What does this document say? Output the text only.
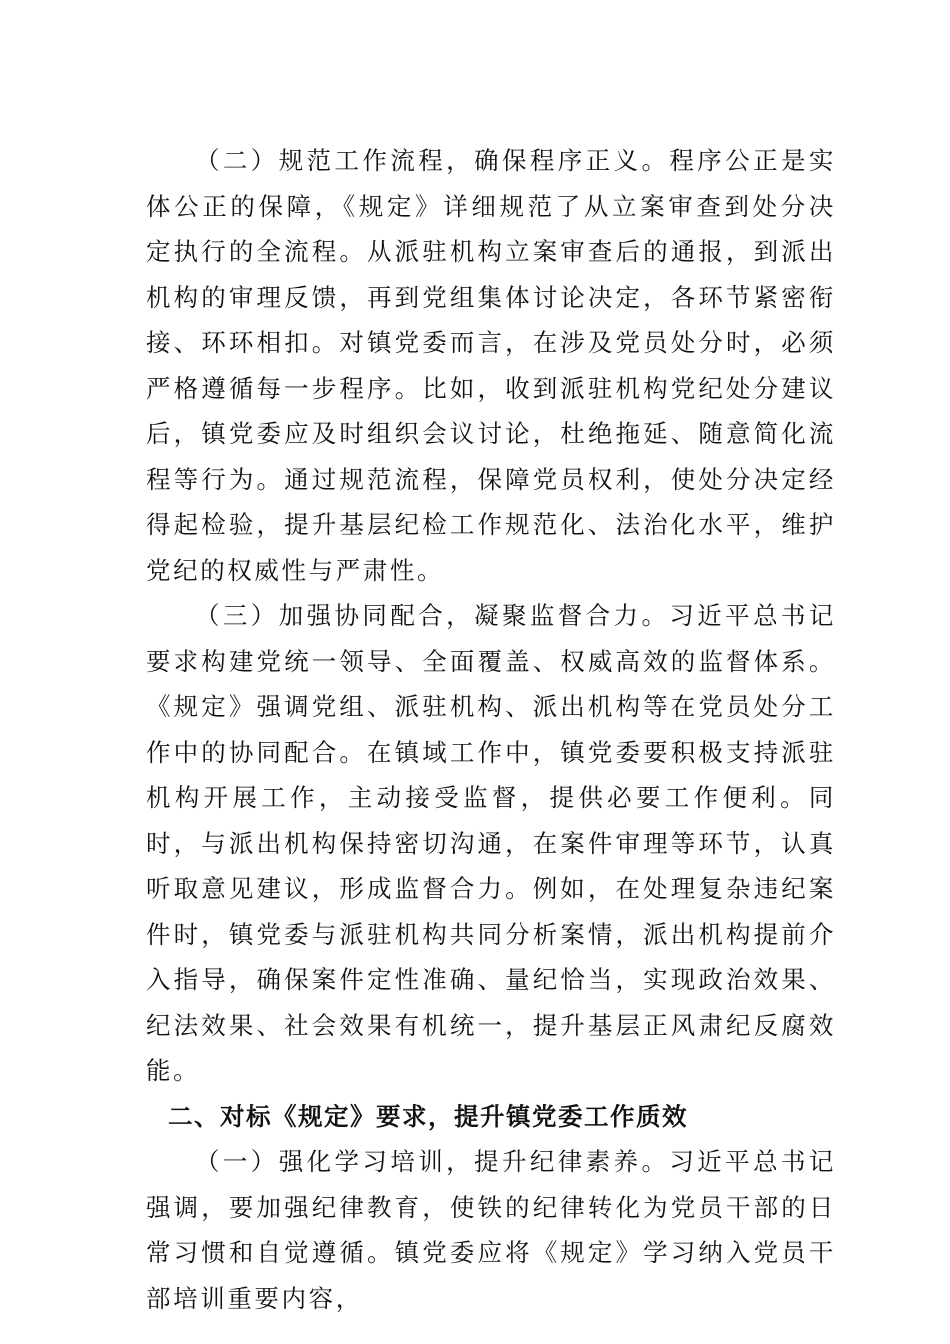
（二）规范工作流程，确保程序正义。程序公正是实体公正的保障，《规定》详细规范了从立案审查到处分决定执行的全流程。从派驻机构立案审查后的通报，到派出机构的审理反馈，再到党组集体讨论决定，各环节紧密衔接、环环相扣。对镇党委而言，在涉及党员处分时，必须严格遵循每一步程序。比如，收到派驻机构党纪处分建议后，镇党委应及时组织会议讨论，杜绝拖延、随意简化流程等行为。通过规范流程，保障党员权利，使处分决定经得起检验，提升基层纪检工作规范化、法治化水平，维护党纪的权威性与严肃性。

（三）加强协同配合，凝聚监督合力。习近平总书记要求构建党统一领导、全面覆盖、权威高效的监督体系。《规定》强调党组、派驻机构、派出机构等在党员处分工作中的协同配合。在镇域工作中，镇党委要积极支持派驻机构开展工作，主动接受监督，提供必要工作便利。同时，与派出机构保持密切沟通，在案件审理等环节，认真听取意见建议，形成监督合力。例如，在处理复杂违纪案件时，镇党委与派驻机构共同分析案情，派出机构提前介入指导，确保案件定性准确、量纪恰当，实现政治效果、纪法效果、社会效果有机统一，提升基层正风肃纪反腐效能。

二、对标《规定》要求，提升镇党委工作质效

（一）强化学习培训，提升纪律素养。习近平总书记强调，要加强纪律教育，使铁的纪律转化为党员干部的日常习惯和自觉遵循。镇党委应将《规定》学习纳入党员干部培训重要内容，
